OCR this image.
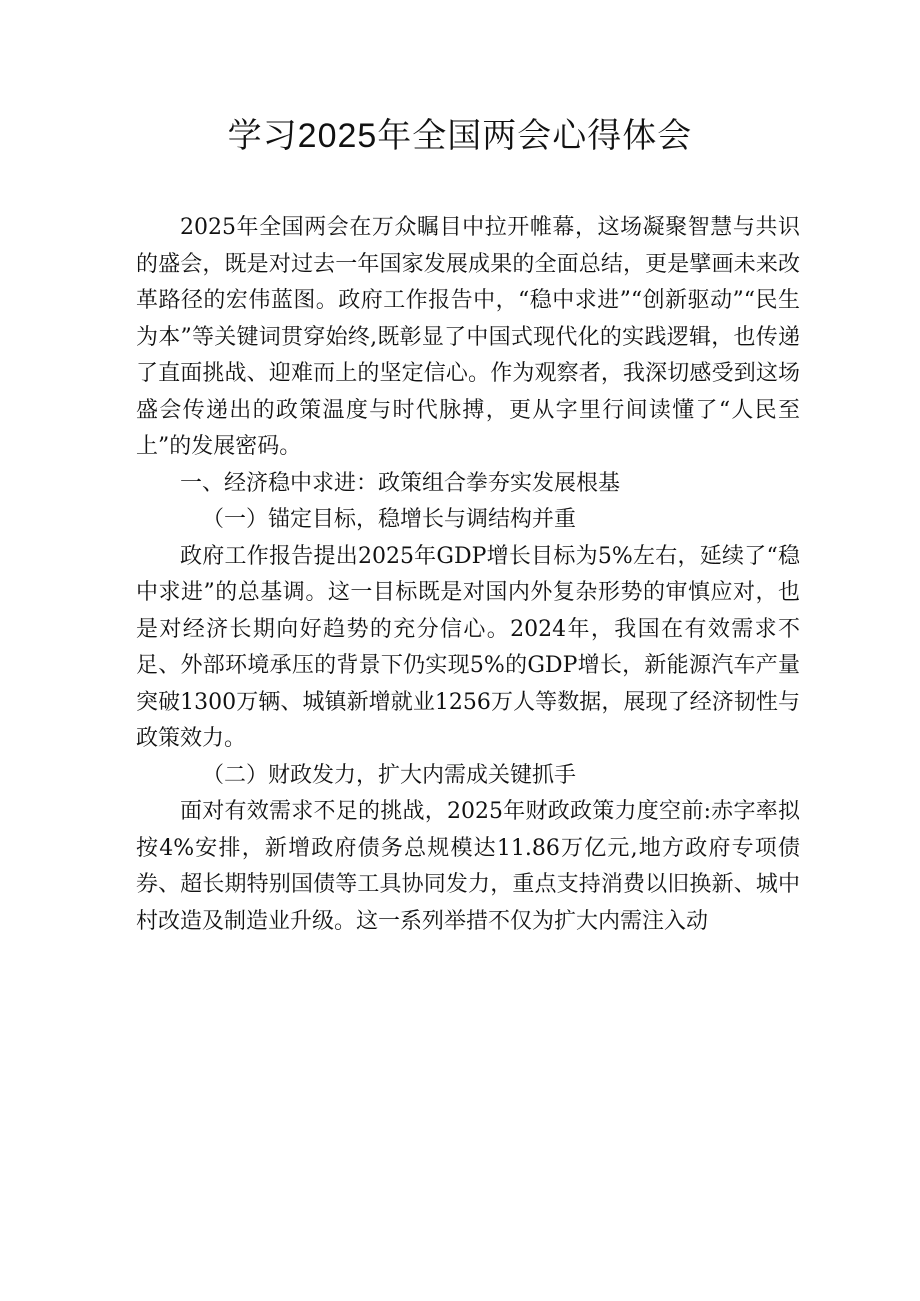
学习2025年全国两会心得体会

2025年全国两会在万众瞩目中拉开帷幕，这场凝聚智慧与共识的盛会，既是对过去一年国家发展成果的全面总结，更是擘画未来改革路径的宏伟蓝图。政府工作报告中，“稳中求进”“创新驱动”“民生为本”等关键词贯穿始终,既彰显了中国式现代化的实践逻辑，也传递了直面挑战、迎难而上的坚定信心。作为观察者，我深切感受到这场盛会传递出的政策温度与时代脉搏，更从字里行间读懂了“人民至上”的发展密码。

一、经济稳中求进：政策组合拳夯实发展根基

（一）锚定目标，稳增长与调结构并重

政府工作报告提出2025年GDP增长目标为5%左右，延续了“稳中求进”的总基调。这一目标既是对国内外复杂形势的审慎应对，也是对经济长期向好趋势的充分信心。2024年，我国在有效需求不足、外部环境承压的背景下仍实现5%的GDP增长，新能源汽车产量突破1300万辆、城镇新增就业1256万人等数据，展现了经济韧性与政策效力。

（二）财政发力，扩大内需成关键抓手

面对有效需求不足的挑战，2025年财政政策力度空前:赤字率拟按4%安排，新增政府债务总规模达11.86万亿元,地方政府专项债券、超长期特别国债等工具协同发力，重点支持消费以旧换新、城中村改造及制造业升级。这一系列举措不仅为扩大内需注入动
